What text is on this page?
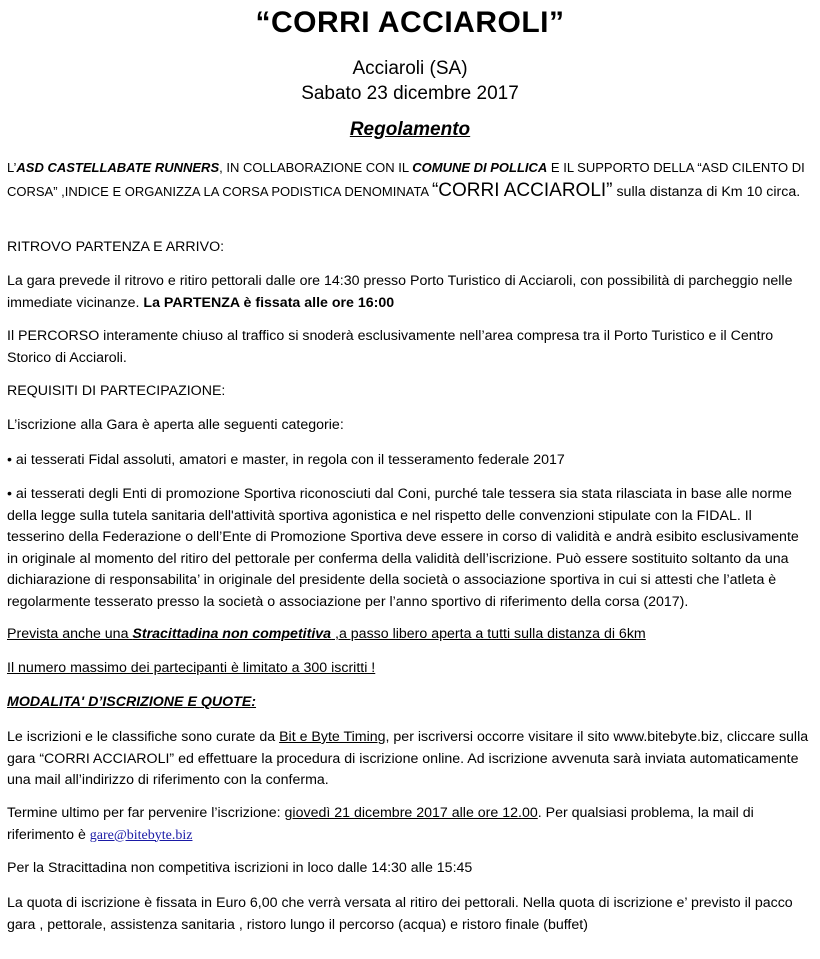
“CORRI ACCIAROLI”
Acciaroli (SA)
Sabato 23 dicembre 2017
Regolamento

L’ASD CASTELLABATE RUNNERS, IN COLLABORAZIONE CON IL COMUNE DI POLLICA E IL SUPPORTO DELLA “ASD CILENTO DI CORSA” ,INDICE E ORGANIZZA LA CORSA PODISTICA DENOMINATA “CORRI ACCIAROLI” sulla distanza di Km 10 circa.

RITROVO PARTENZA E ARRIVO:

La gara prevede il ritrovo e ritiro pettorali dalle ore 14:30 presso Porto Turistico di Acciaroli, con possibilità di parcheggio nelle immediate vicinanze. La PARTENZA è fissata alle ore 16:00

Il PERCORSO interamente chiuso al traffico si snoderà esclusivamente nell’area compresa tra il Porto Turistico e il Centro Storico di Acciaroli.

REQUISITI DI PARTECIPAZIONE:

L’iscrizione alla Gara è aperta alle seguenti categorie:

• ai tesserati Fidal assoluti, amatori e master, in regola con il tesseramento federale 2017

• ai tesserati degli Enti di promozione Sportiva riconosciuti dal Coni, purché tale tessera sia stata rilasciata in base alle norme della legge sulla tutela sanitaria dell'attività sportiva agonistica e nel rispetto delle convenzioni stipulate con la FIDAL. Il tesserino della Federazione o dell’Ente di Promozione Sportiva deve essere in corso di validità e andrà esibito esclusivamente in originale al momento del ritiro del pettorale per conferma della validità dell’iscrizione. Può essere sostituito soltanto da una dichiarazione di responsabilita’ in originale del presidente della società o associazione sportiva in cui si attesti che l’atleta è regolarmente tesserato presso la società o associazione per l’anno sportivo di riferimento della corsa (2017).

Prevista anche una Stracittadina non competitiva ,a passo libero aperta a tutti sulla distanza di 6km

Il numero massimo dei partecipanti è limitato a 300 iscritti !

MODALITA' D’ISCRIZIONE E QUOTE:

Le iscrizioni e le classifiche sono curate da Bit e Byte Timing, per iscriversi occorre visitare il sito www.bitebyte.biz, cliccare sulla gara “CORRI ACCIAROLI” ed effettuare la procedura di iscrizione online. Ad iscrizione avvenuta sarà inviata automaticamente una mail all’indirizzo di riferimento con la conferma.

Termine ultimo per far pervenire l’iscrizione: giovedì 21 dicembre 2017 alle ore 12.00. Per qualsiasi problema, la mail di riferimento è gare@bitebyte.biz

Per la Stracittadina non competitiva iscrizioni in loco dalle 14:30 alle 15:45

La quota di iscrizione è fissata in Euro 6,00 che verrà versata al ritiro dei pettorali. Nella quota di iscrizione e’ previsto il pacco gara , pettorale, assistenza sanitaria , ristoro lungo il percorso (acqua) e ristoro finale (buffet)
